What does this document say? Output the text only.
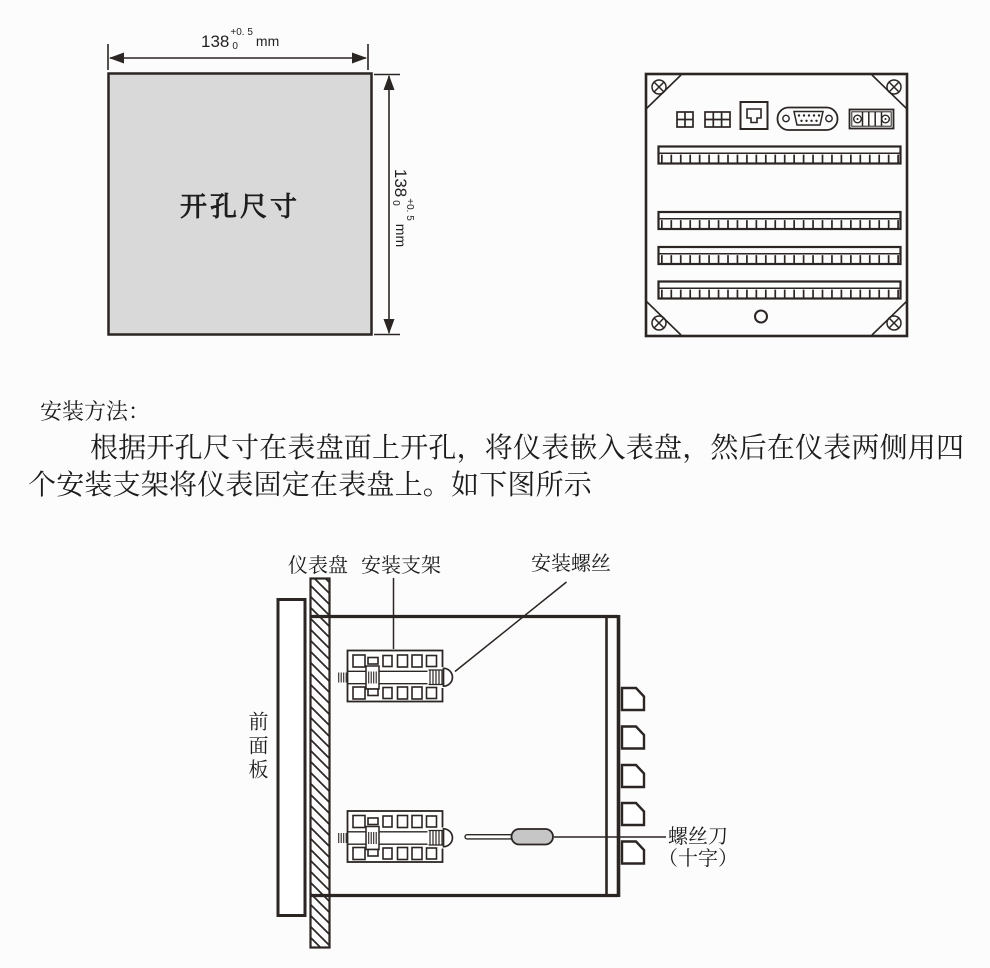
138 +0. 5
0	mm
138
+0. 5
0
mm
开孔尺寸
安装方法：
根据开孔尺寸在表盘面上开孔，将仪表嵌入表盘，然后在仪表两侧用四个安装支架将仪表固定在表盘上。如下图所示
仪表盘 安装支架	安装螺丝
前面板
螺丝刀
（十字）
